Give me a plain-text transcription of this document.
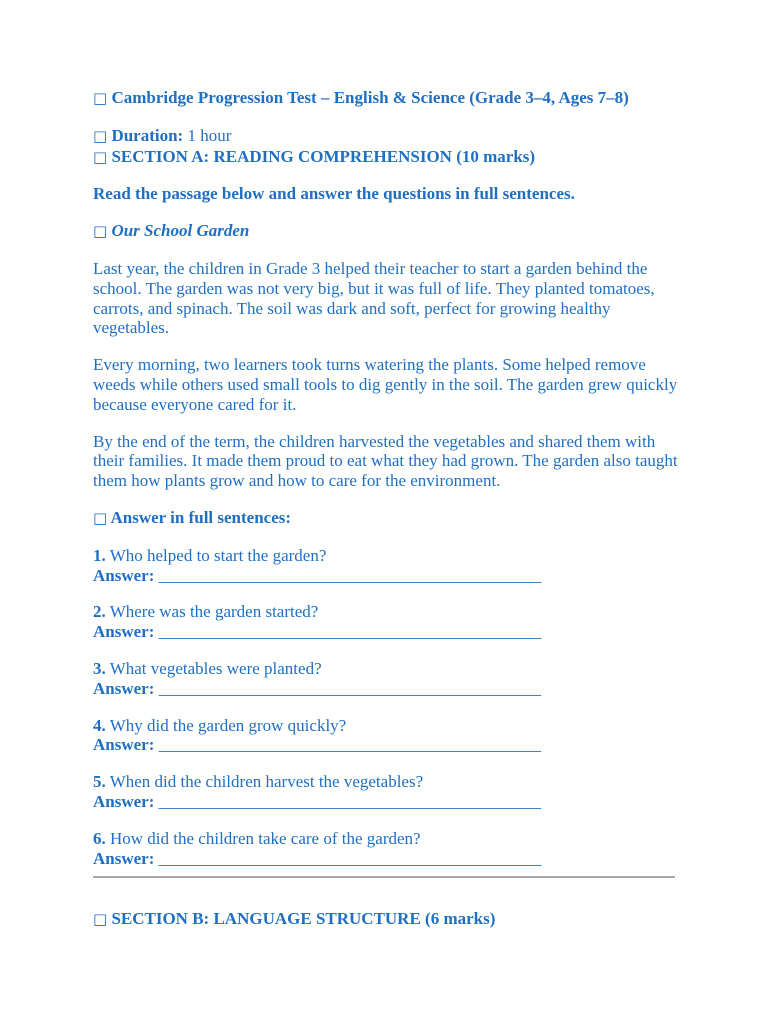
□ Cambridge Progression Test – English & Science (Grade 3–4, Ages 7–8)

□ Duration: 1 hour

□ SECTION A: READING COMPREHENSION (10 marks)

Read the passage below and answer the questions in full sentences.

□ Our School Garden

Last year, the children in Grade 3 helped their teacher to start a garden behind the school. The garden was not very big, but it was full of life. They planted tomatoes, carrots, and spinach. The soil was dark and soft, perfect for growing healthy vegetables.

Every morning, two learners took turns watering the plants. Some helped remove weeds while others used small tools to dig gently in the soil. The garden grew quickly because everyone cared for it.

By the end of the term, the children harvested the vegetables and shared them with their families. It made them proud to eat what they had grown. The garden also taught them how plants grow and how to care for the environment.

□ Answer in full sentences:

1. Who helped to start the garden?

Answer: _____________________________________________

2. Where was the garden started?

Answer: _____________________________________________

3. What vegetables were planted?

Answer: _____________________________________________

4. Why did the garden grow quickly?

Answer: _____________________________________________

5. When did the children harvest the vegetables?

Answer: _____________________________________________

6. How did the children take care of the garden?

Answer: _____________________________________________

□ SECTION B: LANGUAGE STRUCTURE (6 marks)
